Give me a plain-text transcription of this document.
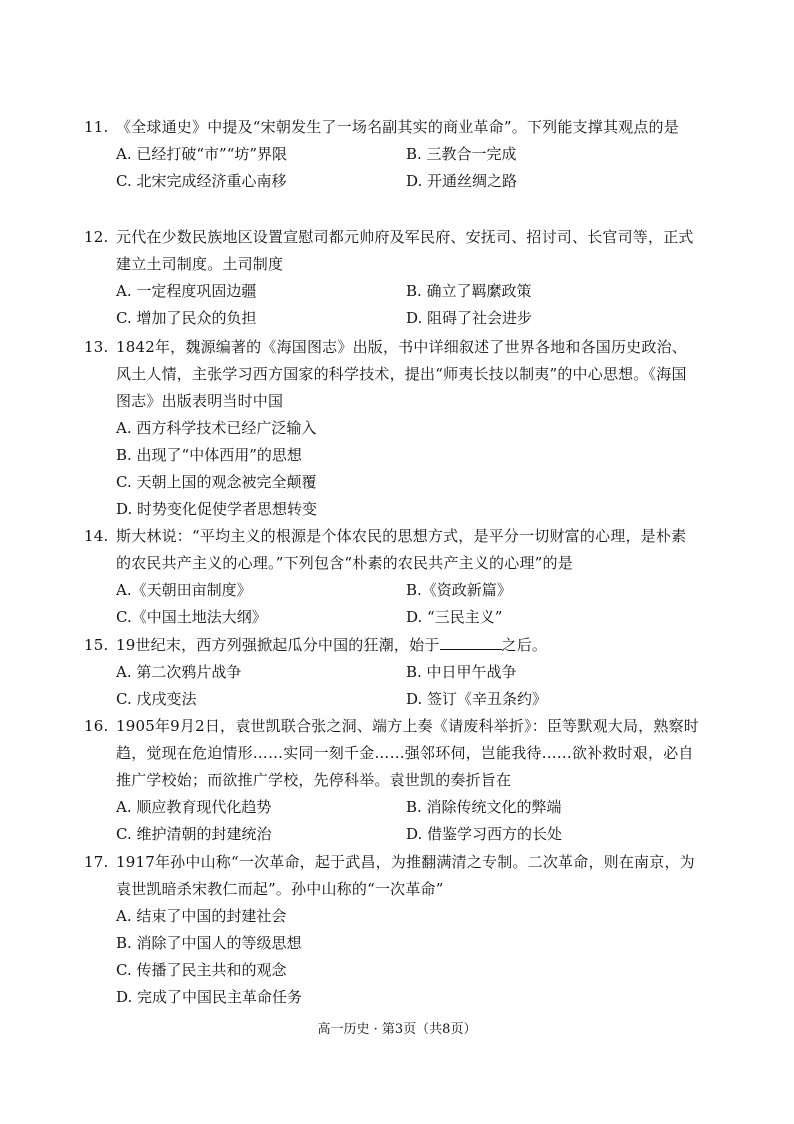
11. 《全球通史》中提及“宋朝发生了一场名副其实的商业革命”。下列能支撑其观点的是
A. 已经打破“市”“坊”界限	B. 三教合一完成
C. 北宋完成经济重心南移	D. 开通丝绸之路
12. 元代在少数民族地区设置宣慰司都元帅府及军民府、安抚司、招讨司、长官司等，正式建立土司制度。土司制度
A. 一定程度巩固边疆	B. 确立了羁縻政策
C. 增加了民众的负担	D. 阻碍了社会进步
13. 1842年，魏源编著的《海国图志》出版，书中详细叙述了世界各地和各国历史政治、风土人情，主张学习西方国家的科学技术，提出“师夷长技以制夷”的中心思想。《海国图志》出版表明当时中国
A. 西方科学技术已经广泛输入
B. 出现了“中体西用”的思想
C. 天朝上国的观念被完全颠覆
D. 时势变化促使学者思想转变
14. 斯大林说：“平均主义的根源是个体农民的思想方式，是平分一切财富的心理，是朴素的农民共产主义的心理。”下列包含“朴素的农民共产主义的心理”的是
A.《天朝田亩制度》	B.《资政新篇》
C.《中国土地法大纲》	D. “三民主义”
15. 19世纪末，西方列强掀起瓜分中国的狂潮，始于	之后。
A. 第二次鸦片战争	B. 中日甲午战争
C. 戊戌变法	D. 签订《辛丑条约》
16. 1905年9月2日，袁世凯联合张之洞、端方上奏《请废科举折》：臣等默观大局，熟察时趋，觉现在危迫情形……实同一刻千金……强邻环伺，岂能我待……欲补救时艰，必自推广学校始；而欲推广学校，先停科举。袁世凯的奏折旨在
A. 顺应教育现代化趋势	B. 消除传统文化的弊端
C. 维护清朝的封建统治	D. 借鉴学习西方的长处
17. 1917年孙中山称“一次革命，起于武昌，为推翻满清之专制。二次革命，则在南京，为袁世凯暗杀宋教仁而起”。孙中山称的“一次革命”
A. 结束了中国的封建社会
B. 消除了中国人的等级思想
C. 传播了民主共和的观念
D. 完成了中国民主革命任务
高一历史 · 第3页（共8页）
